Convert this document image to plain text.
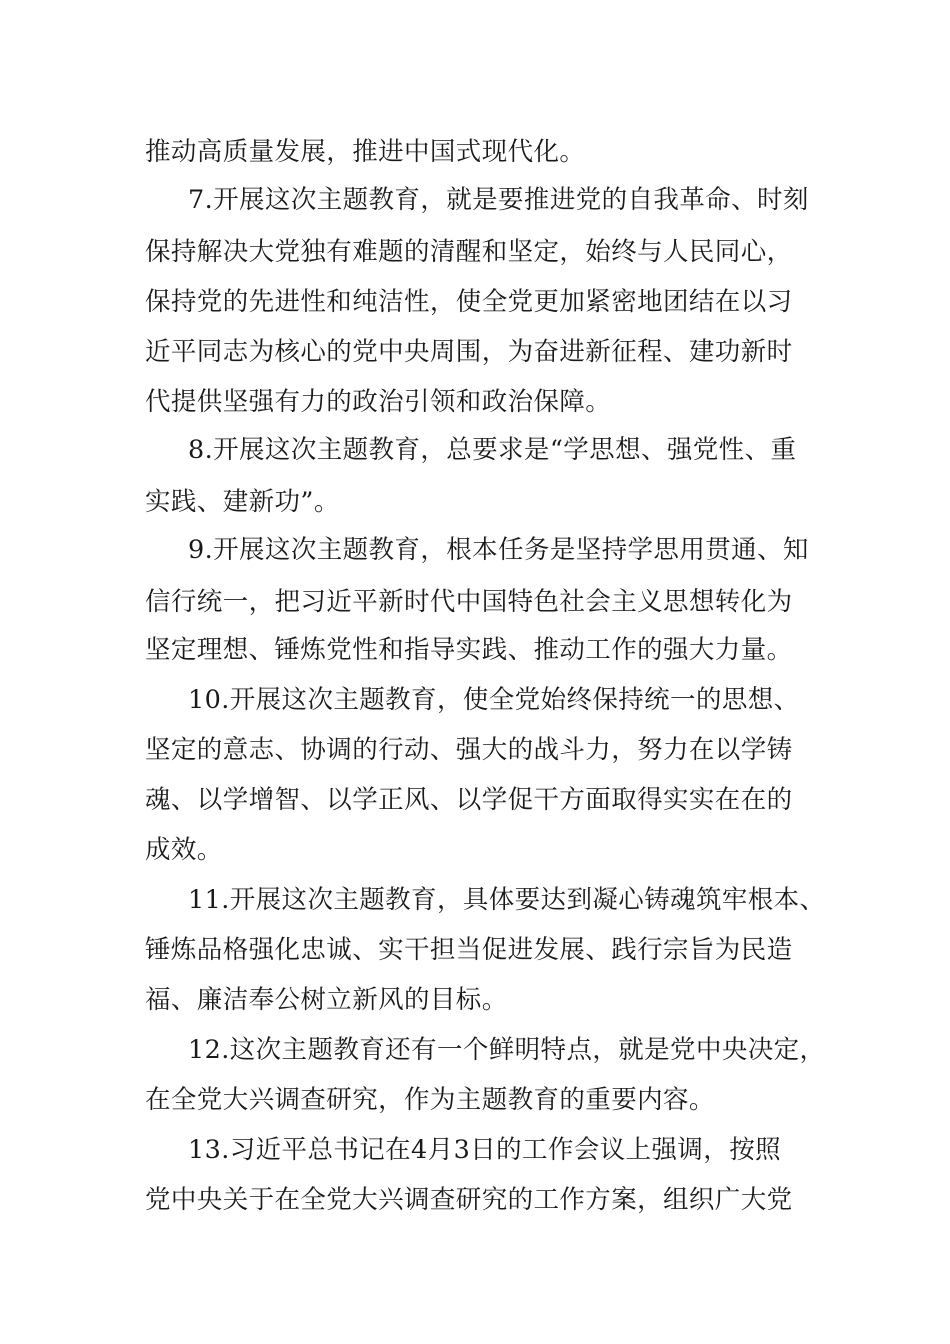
推动高质量发展，推进中国式现代化。
7.开展这次主题教育，就是要推进党的自我革命、时刻
保持解决大党独有难题的清醒和坚定，始终与人民同心，
保持党的先进性和纯洁性，使全党更加紧密地团结在以习
近平同志为核心的党中央周围，为奋进新征程、建功新时
代提供坚强有力的政治引领和政治保障。
8.开展这次主题教育，总要求是“学思想、强党性、重
实践、建新功”。
9.开展这次主题教育，根本任务是坚持学思用贯通、知
信行统一，把习近平新时代中国特色社会主义思想转化为
坚定理想、锤炼党性和指导实践、推动工作的强大力量。
10.开展这次主题教育，使全党始终保持统一的思想、
坚定的意志、协调的行动、强大的战斗力，努力在以学铸
魂、以学增智、以学正风、以学促干方面取得实实在在的
成效。
11.开展这次主题教育，具体要达到凝心铸魂筑牢根本、
锤炼品格强化忠诚、实干担当促进发展、践行宗旨为民造
福、廉洁奉公树立新风的目标。
12.这次主题教育还有一个鲜明特点，就是党中央决定，
在全党大兴调查研究，作为主题教育的重要内容。
13.习近平总书记在4月3日的工作会议上强调，按照
党中央关于在全党大兴调查研究的工作方案，组织广大党
